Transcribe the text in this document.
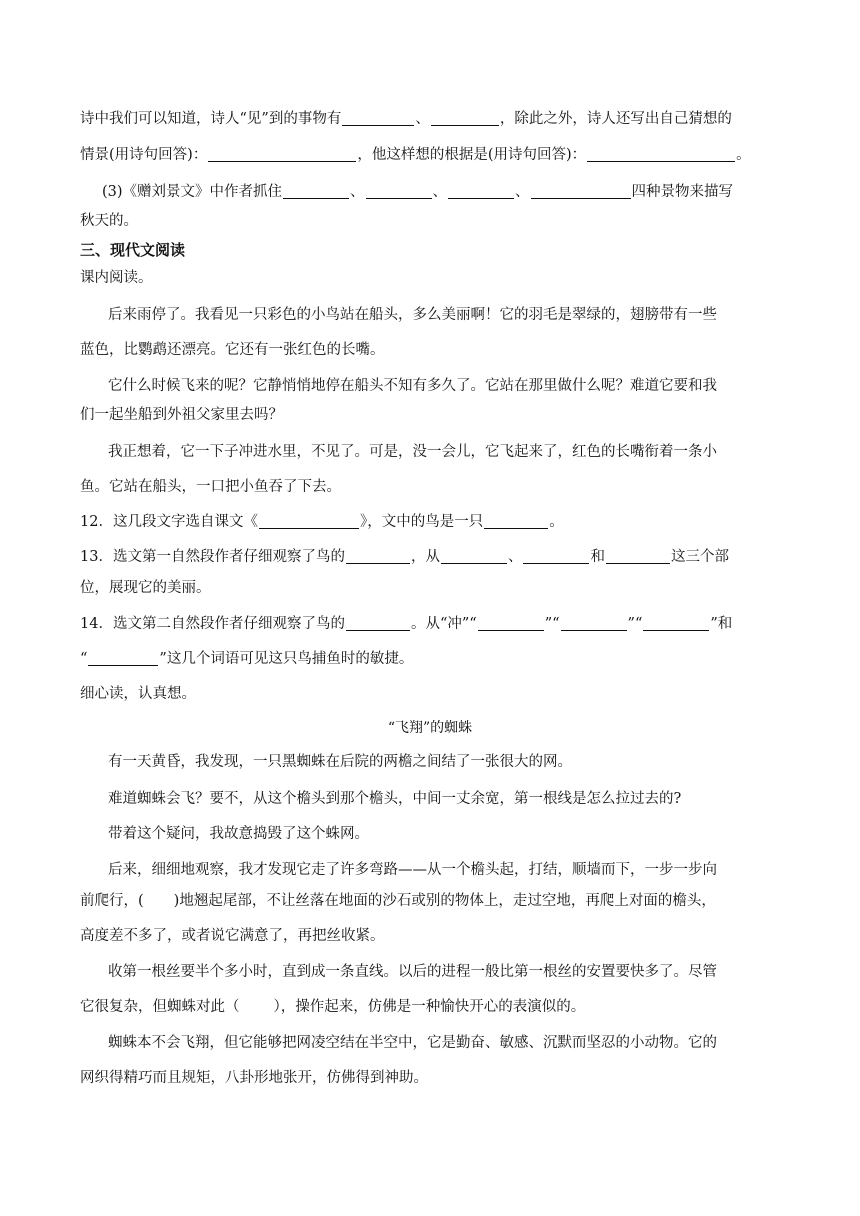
诗中我们可以知道，诗人“见”到的事物有	、	，除此之外，诗人还写出自己猜想的
情景(用诗句回答)：	，他这样想的根据是(用诗句回答)：	。
(3)《赠刘景文》中作者抓住	、	、	、	四种景物来描写
秋天的。
三、现代文阅读
课内阅读。
后来雨停了。我看见一只彩色的小鸟站在船头，多么美丽啊！它的羽毛是翠绿的，翅膀带有一些
蓝色，比鹦鹉还漂亮。它还有一张红色的长嘴。
它什么时候飞来的呢？它静悄悄地停在船头不知有多久了。它站在那里做什么呢？难道它要和我
们一起坐船到外祖父家里去吗？
我正想着，它一下子冲进水里，不见了。可是，没一会儿，它飞起来了，红色的长嘴衔着一条小
鱼。它站在船头，一口把小鱼吞了下去。
12．这几段文字选自课文《	》，文中的鸟是一只	。
13．选文第一自然段作者仔细观察了鸟的	，从	、	和	这三个部
位，展现它的美丽。
14．选文第二自然段作者仔细观察了鸟的	。从“冲”“	”“	”“	”和
“	”这几个词语可见这只鸟捕鱼时的敏捷。
细心读，认真想。
“飞翔”的蜘蛛
有一天黄昏，我发现，一只黑蜘蛛在后院的两檐之间结了一张很大的网。
难道蜘蛛会飞？要不，从这个檐头到那个檐头，中间一丈余宽，第一根线是怎么拉过去的?
带着这个疑问，我故意捣毁了这个蛛网。
后来，细细地观察，我才发现它走了许多弯路——从一个檐头起，打结，顺墙而下，一步一步向
前爬行，( )地翘起尾部，不让丝落在地面的沙石或别的物体上，走过空地，再爬上对面的檐头，
高度差不多了，或者说它满意了，再把丝收紧。
收第一根丝要半个多小时，直到成一条直线。以后的进程一般比第一根丝的安置要快多了。尽管
它很复杂，但蜘蛛对此（ ），操作起来，仿佛是一种愉快开心的表演似的。
蜘蛛本不会飞翔，但它能够把网凌空结在半空中，它是勤奋、敏感、沉默而坚忍的小动物。它的
网织得精巧而且规矩，八卦形地张开，仿佛得到神助。
